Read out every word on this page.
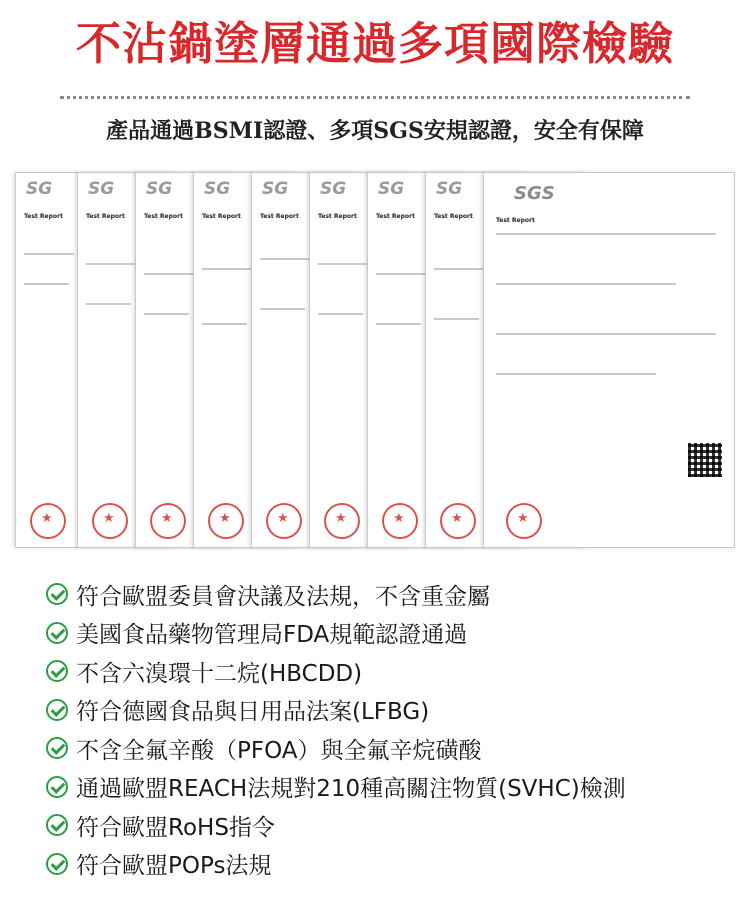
不沾鍋塗層通過多項國際檢驗
產品通過BSMI認證、多項SGS安規認證，安全有保障
SG
Test Report
★
SG
Test Report
★
SG
Test Report
★
SG
Test Report
★
SG
Test Report
★
SG
Test Report
★
SG
Test Report
★
SG
Test Report
★
SGS
Test Report
★
符合歐盟委員會決議及法規，不含重金屬
美國食品藥物管理局FDA規範認證通過
不含六溴環十二烷(HBCDD)
符合德國食品與日用品法案(LFBG)
不含全氟辛酸（PFOA）與全氟辛烷磺酸
通過歐盟REACH法規對210種高關注物質(SVHC)檢測
符合歐盟RoHS指令
符合歐盟POPs法規
